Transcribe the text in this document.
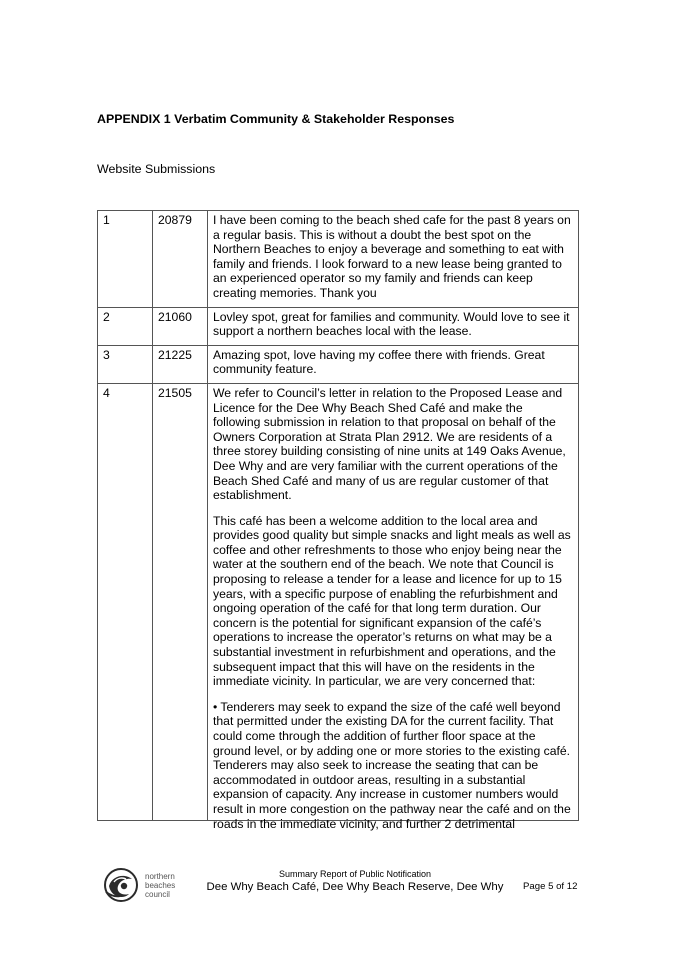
APPENDIX 1 Verbatim Community & Stakeholder Responses

Website Submissions

1	20879	I have been coming to the beach shed cafe for the past 8 years on a regular basis. This is without a doubt the best spot on the Northern Beaches to enjoy a beverage and something to eat with family and friends. I look forward to a new lease being granted to an experienced operator so my family and friends can keep creating memories. Thank you

2	21060	Lovley spot, great for families and community. Would love to see it support a northern beaches local with the lease.

3	21225	Amazing spot, love having my coffee there with friends. Great community feature.

4	21505	We refer to Council’s letter in relation to the Proposed Lease and Licence for the Dee Why Beach Shed Café and make the following submission in relation to that proposal on behalf of the Owners Corporation at Strata Plan 2912. We are residents of a three storey building consisting of nine units at 149 Oaks Avenue, Dee Why and are very familiar with the current operations of the Beach Shed Café and many of us are regular customer of that establishment.

This café has been a welcome addition to the local area and provides good quality but simple snacks and light meals as well as coffee and other refreshments to those who enjoy being near the water at the southern end of the beach. We note that Council is proposing to release a tender for a lease and licence for up to 15 years, with a specific purpose of enabling the refurbishment and ongoing operation of the café for that long term duration. Our concern is the potential for significant expansion of the café’s operations to increase the operator’s returns on what may be a substantial investment in refurbishment and operations, and the subsequent impact that this will have on the residents in the immediate vicinity. In particular, we are very concerned that:

• Tenderers may seek to expand the size of the café well beyond that permitted under the existing DA for the current facility. That could come through the addition of further floor space at the ground level, or by adding one or more stories to the existing café. Tenderers may also seek to increase the seating that can be accommodated in outdoor areas, resulting in a substantial expansion of capacity. Any increase in customer numbers would result in more congestion on the pathway near the café and on the roads in the immediate vicinity, and further 2 detrimental

northern
beaches
council
Summary Report of Public Notification
Dee Why Beach Café, Dee Why Beach Reserve, Dee Why Page 5 of 12
